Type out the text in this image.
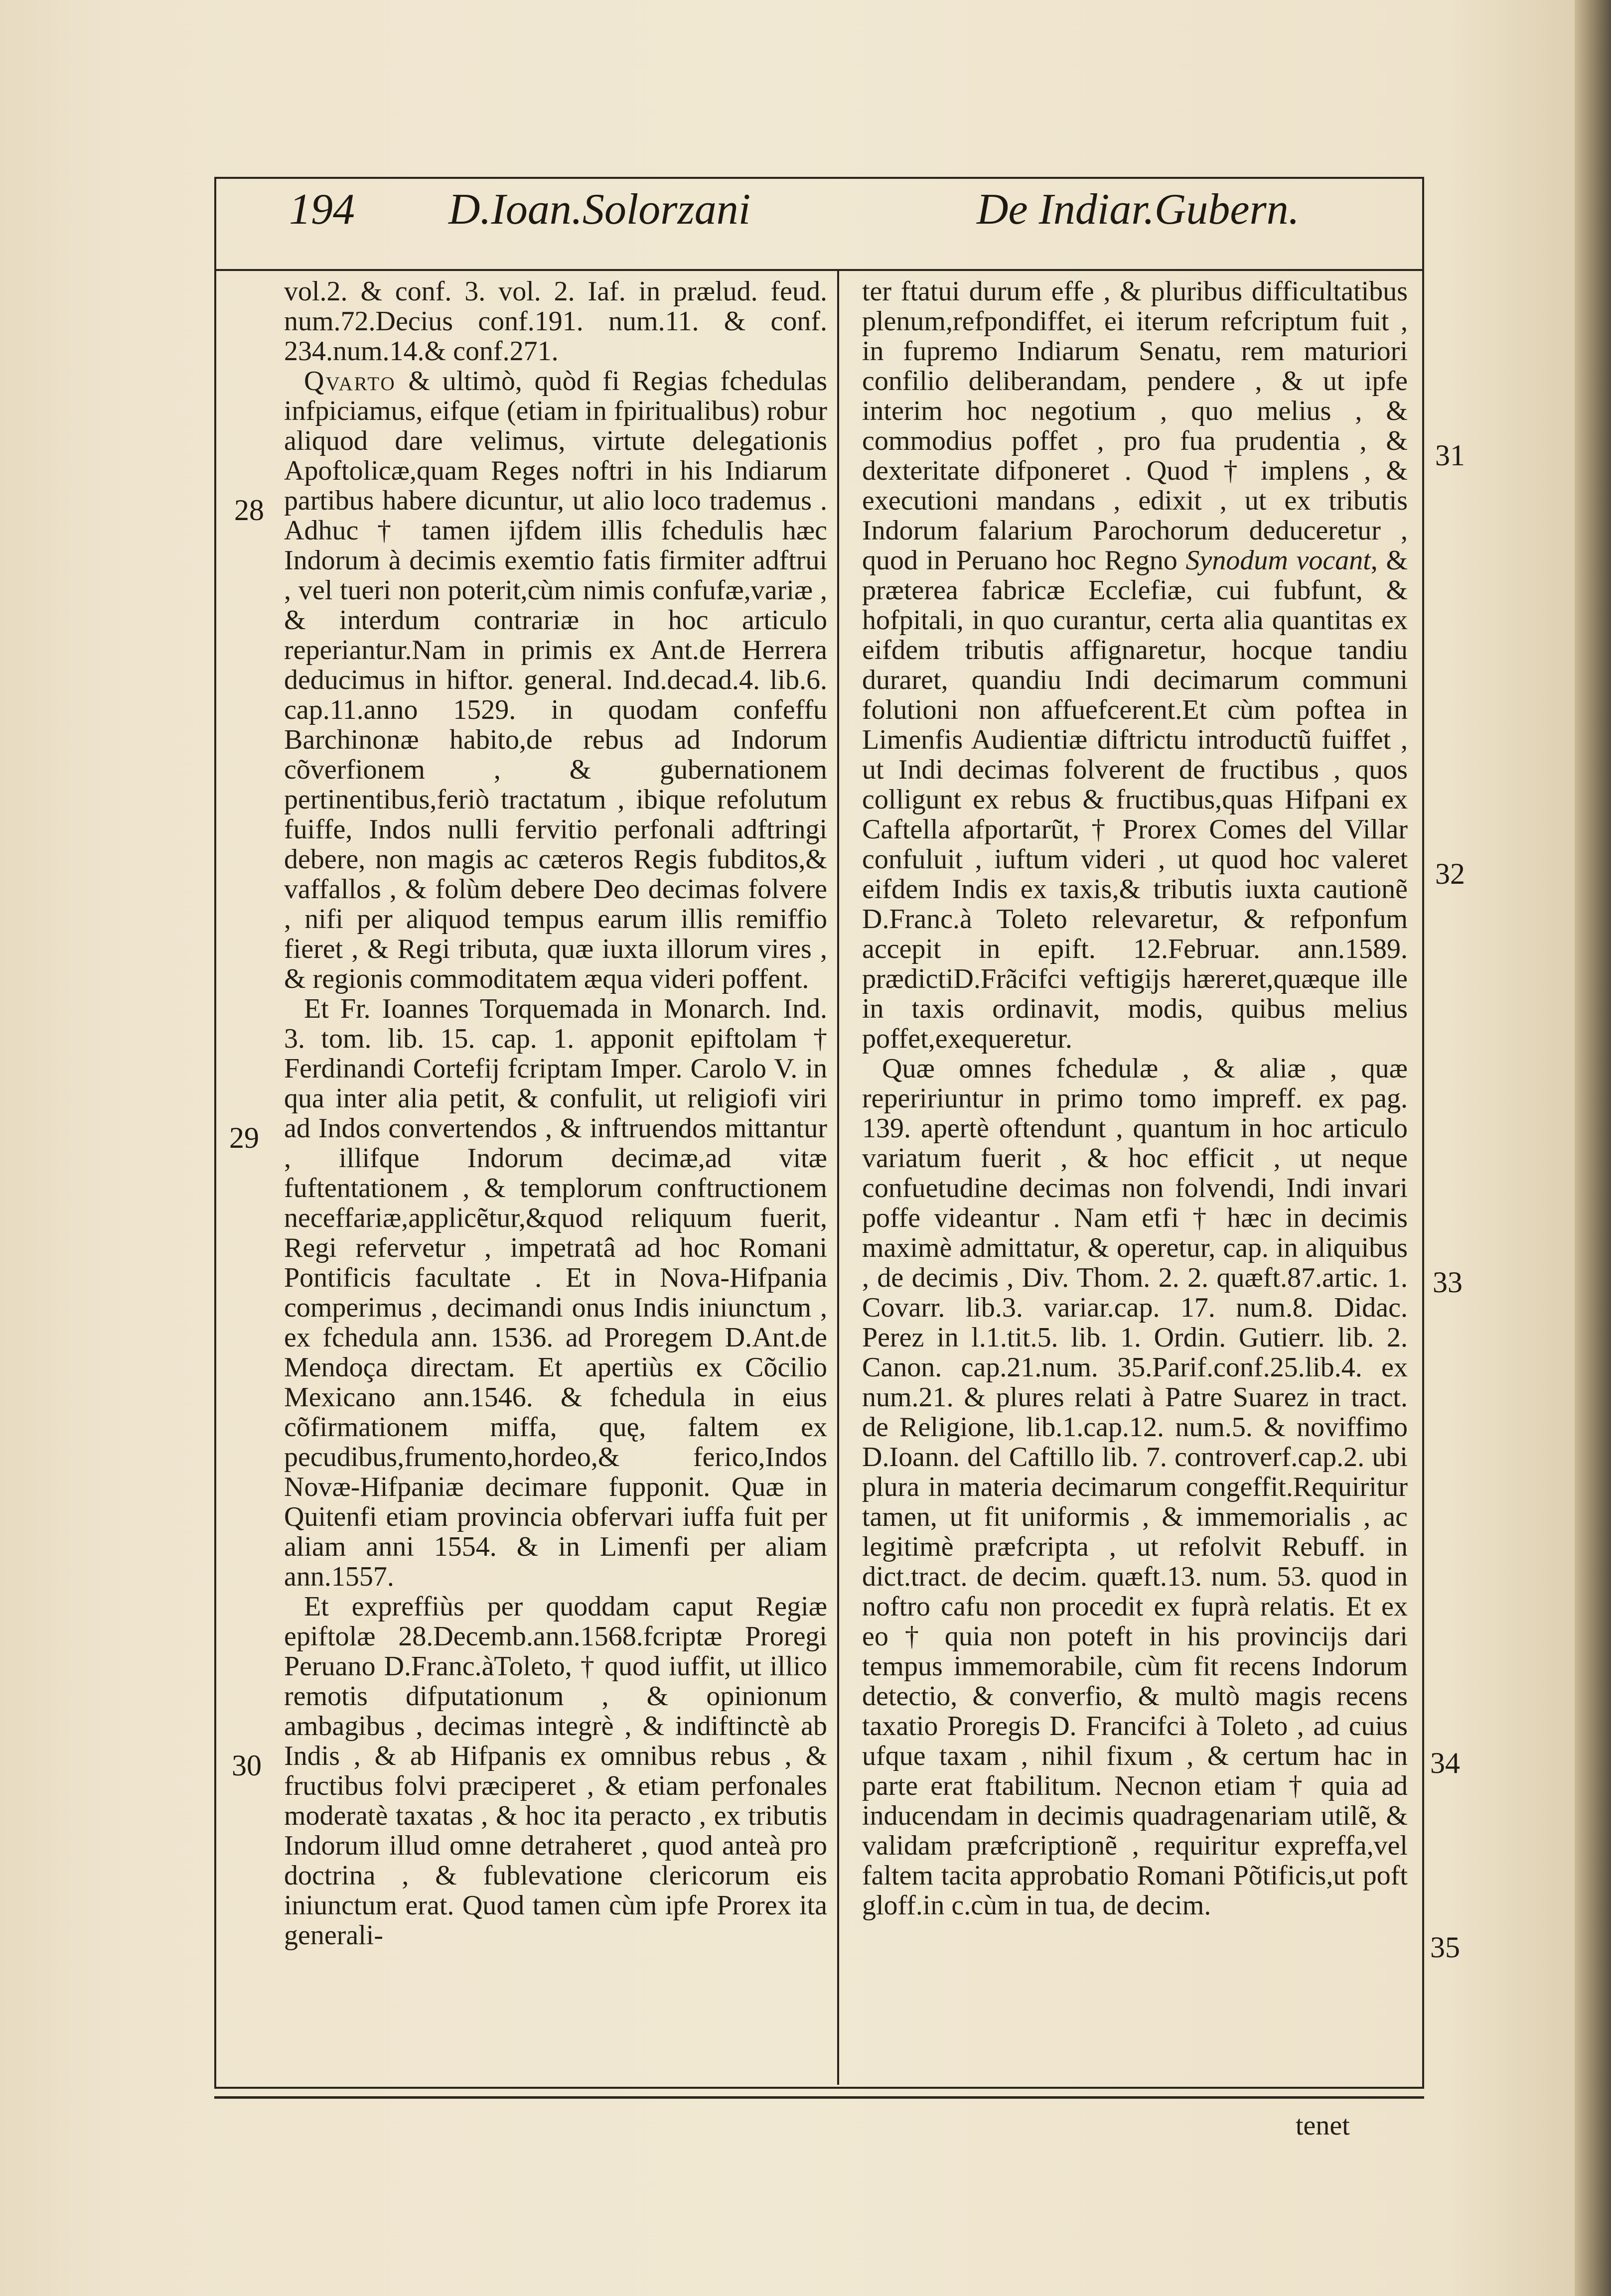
194 D.Ioan.Solorzani	De Indiar.Gubern.

vol.2. & conf. 3. vol. 2. Iaf. in prælud. feud. num.72.Decius conf.191. num.11. & conf. 234.num.14.& conf.271.

Qvarto & ultimò, quòd fi Regias fchedulas infpiciamus, eifque (etiam in fpiritualibus) robur aliquod dare velimus, virtute delegationis Apoftolicæ,quam Reges noftri in his Indiarum partibus habere dicuntur, ut alio loco trademus . Adhuc † tamen ijfdem illis fchedulis hæc Indorum à decimis exemtio fatis firmiter adftrui , vel tueri non poterit,cùm nimis confufæ,variæ , & interdum contrariæ in hoc articulo reperiantur.Nam in primis ex Ant.de Herrera deducimus in hiftor. general. Ind.decad.4. lib.6. cap.11.anno 1529. in quodam confeffu Barchinonæ habito,de rebus ad Indorum cõverfionem , & gubernationem pertinentibus,feriò tractatum , ibique refolutum fuiffe, Indos nulli fervitio perfonali adftringi debere, non magis ac cæteros Regis fubditos,& vaffallos , & folùm debere Deo decimas folvere , nifi per aliquod tempus earum illis remiffio fieret , & Regi tributa, quæ iuxta illorum vires , & regionis commoditatem æqua videri poffent.

Et Fr. Ioannes Torquemada in Monarch. Ind. 3. tom. lib. 15. cap. 1. apponit epiftolam † Ferdinandi Cortefij fcriptam Imper. Carolo V. in qua inter alia petit, & confulit, ut religiofi viri ad Indos convertendos , & inftruendos mittantur , illifque Indorum decimæ,ad vitæ fuftentationem , & templorum conftructionem neceffariæ,applicẽtur,&quod reliquum fuerit, Regi refervetur , impetratâ ad hoc Romani Pontificis facultate . Et in Nova-Hifpania comperimus , decimandi onus Indis iniunctum , ex fchedula ann. 1536. ad Proregem D.Ant.de Mendoça directam. Et apertiùs ex Cõcilio Mexicano ann.1546. & fchedula in eius cõfirmationem miffa, quę, faltem ex pecudibus,frumento,hordeo,& ferico,Indos Novæ-Hifpaniæ decimare fupponit. Quæ in Quitenfi etiam provincia obfervari iuffa fuit per aliam anni 1554. & in Limenfi per aliam ann.1557.

Et expreffiùs per quoddam caput Regiæ epiftolæ 28.Decemb.ann.1568.fcriptæ Proregi Peruano D.Franc.àToleto, † quod iuffit, ut illico remotis difputationum , & opinionum ambagibus , decimas integrè , & indiftinctè ab Indis , & ab Hifpanis ex omnibus rebus , & fructibus folvi præciperet , & etiam perfonales moderatè taxatas , & hoc ita peracto , ex tributis Indorum illud omne detraheret , quod anteà pro doctrina , & fublevatione clericorum eis iniunctum erat. Quod tamen cùm ipfe Prorex ita generali-

ter ftatui durum effe , & pluribus difficultatibus plenum,refpondiffet, ei iterum refcriptum fuit , in fupremo Indiarum Senatu, rem maturiori confilio deliberandam, pendere , & ut ipfe interim hoc negotium , quo melius , & commodius poffet , pro fua prudentia , & dexteritate difponeret . Quod † implens , & executioni mandans , edixit , ut ex tributis Indorum falarium Parochorum deduceretur , quod in Peruano hoc Regno Synodum vocant, & præterea fabricæ Ecclefiæ, cui fubfunt, & hofpitali, in quo curantur, certa alia quantitas ex eifdem tributis affignaretur, hocque tandiu duraret, quandiu Indi decimarum communi folutioni non affuefcerent.Et cùm poftea in Limenfis Audientiæ diftrictu introductũ fuiffet , ut Indi decimas folverent de fructibus , quos colligunt ex rebus & fructibus,quas Hifpani ex Caftella afportarũt, † Prorex Comes del Villar confuluit , iuftum videri , ut quod hoc valeret eifdem Indis ex taxis,& tributis iuxta cautionẽ D.Franc.à Toleto relevaretur, & refponfum accepit in epift. 12.Februar. ann.1589. prædictiD.Frãcifci veftigijs hæreret,quæque ille in taxis ordinavit, modis, quibus melius poffet,exequeretur.

Quæ omnes fchedulæ , & aliæ , quæ repeririuntur in primo tomo impreff. ex pag. 139. apertè oftendunt , quantum in hoc articulo variatum fuerit , & hoc efficit , ut neque confuetudine decimas non folvendi, Indi invari poffe videantur . Nam etfi † hæc in decimis maximè admittatur, & operetur, cap. in aliquibus , de decimis , Div. Thom. 2. 2. quæft.87.artic. 1. Covarr. lib.3. variar.cap. 17. num.8. Didac. Perez in l.1.tit.5. lib. 1. Ordin. Gutierr. lib. 2. Canon. cap.21.num. 35.Parif.conf.25.lib.4. ex num.21. & plures relati à Patre Suarez in tract. de Religione, lib.1.cap.12. num.5. & noviffimo D.Ioann. del Caftillo lib. 7. controverf.cap.2. ubi plura in materia decimarum congeffit.Requiritur tamen, ut fit uniformis , & immemorialis , ac legitimè præfcripta , ut refolvit Rebuff. in dict.tract. de decim. quæft.13. num. 53. quod in noftro cafu non procedit ex fuprà relatis. Et ex eo † quia non poteft in his provincijs dari tempus immemorabile, cùm fit recens Indorum detectio, & converfio, & multò magis recens taxatio Proregis D. Francifci à Toleto , ad cuius ufque taxam , nihil fixum , & certum hac in parte erat ftabilitum. Necnon etiam † quia ad inducendam in decimis quadragenariam utilẽ, & validam præfcriptionẽ , requiritur expreffa,vel faltem tacita approbatio Romani Põtificis,ut poft gloff.in c.cùm in tua, de decim.

28
29
30
31
32
33
34
35
tenet
